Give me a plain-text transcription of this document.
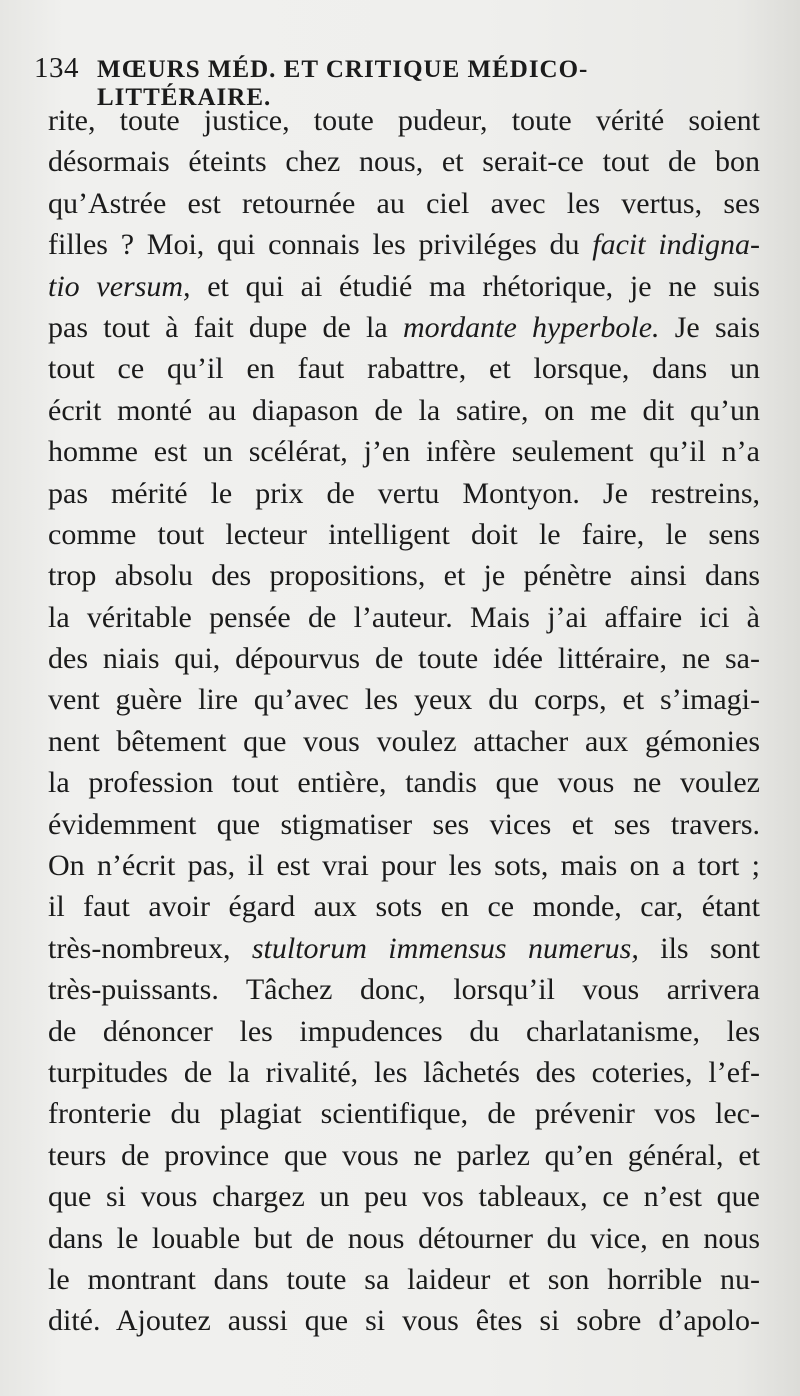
134 MŒURS MÉD. ET CRITIQUE MÉDICO-LITTÉRAIRE.
rite, toute justice, toute pudeur, toute vérité soient
désormais éteints chez nous, et serait-ce tout de bon
qu’Astrée est retournée au ciel avec les vertus, ses
filles ? Moi, qui connais les priviléges du facit indigna-
tio versum, et qui ai étudié ma rhétorique, je ne suis
pas tout à fait dupe de la mordante hyperbole. Je sais
tout ce qu’il en faut rabattre, et lorsque, dans un
écrit monté au diapason de la satire, on me dit qu’un
homme est un scélérat, j’en infère seulement qu’il n’a
pas mérité le prix de vertu Montyon. Je restreins,
comme tout lecteur intelligent doit le faire, le sens
trop absolu des propositions, et je pénètre ainsi dans
la véritable pensée de l’auteur. Mais j’ai affaire ici à
des niais qui, dépourvus de toute idée littéraire, ne sa-
vent guère lire qu’avec les yeux du corps, et s’imagi-
nent bêtement que vous voulez attacher aux gémonies
la profession tout entière, tandis que vous ne voulez
évidemment que stigmatiser ses vices et ses travers.
On n’écrit pas, il est vrai pour les sots, mais on a tort ;
il faut avoir égard aux sots en ce monde, car, étant
très-nombreux, stultorum immensus numerus, ils sont
très-puissants. Tâchez donc, lorsqu’il vous arrivera
de dénoncer les impudences du charlatanisme, les
turpitudes de la rivalité, les lâchetés des coteries, l’ef-
fronterie du plagiat scientifique, de prévenir vos lec-
teurs de province que vous ne parlez qu’en général, et
que si vous chargez un peu vos tableaux, ce n’est que
dans le louable but de nous détourner du vice, en nous
le montrant dans toute sa laideur et son horrible nu-
dité. Ajoutez aussi que si vous êtes si sobre d’apolo-
